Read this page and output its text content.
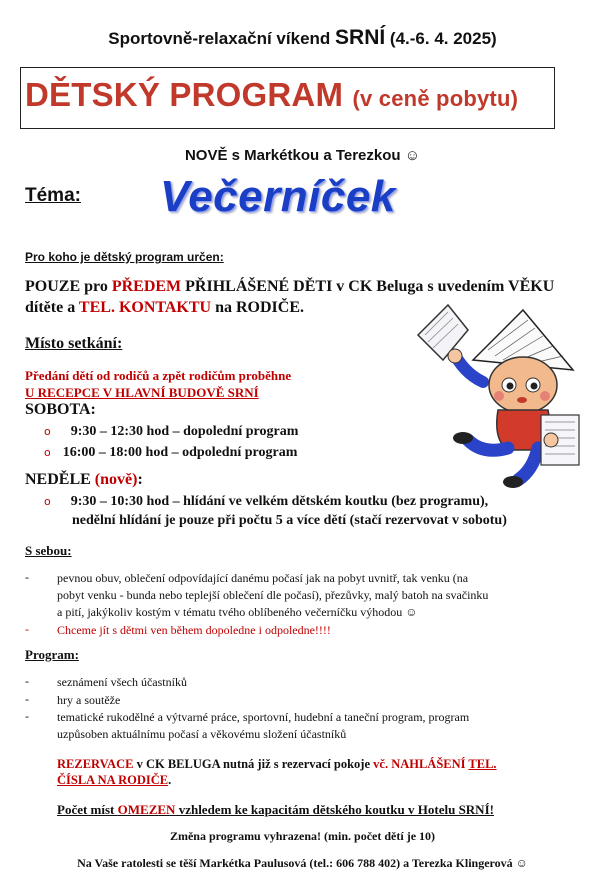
Sportovně-relaxační víkend SRNÍ (4.-6. 4. 2025)
DĚTSKÝ PROGRAM (v ceně pobytu)
NOVĚ s Markétkou a Terezkou ☺
Téma: Večerníček
Pro koho je dětský program určen:
POUZE pro PŘEDEM PŘIHLÁŠENÉ DĚTI v CK Beluga s uvedením VĚKU dítěte a TEL. KONTAKTU na RODIČE.
Místo setkání:
Předání dětí od rodičů a zpět rodičům proběhne
U RECEPCE V HLAVNÍ BUDOVĚ SRNÍ
SOBOTA:
o 9:30 – 12:30 hod – dopolední program
o 16:00 – 18:00 hod – odpolední program
NEDĚLE (nově):
o 9:30 – 10:30 hod – hlídání ve velkém dětském koutku (bez programu),
nedělní hlídání je pouze při počtu 5 a více dětí (stačí rezervovat v sobotu)
S sebou:
- pevnou obuv, oblečení odpovídající danému počasí jak na pobyt uvnitř, tak venku (na
pobyt venku - bunda nebo teplejší oblečení dle počasí), přezůvky, malý batoh na svačinku
a pití, jakýkoliv kostým v tématu tvého oblíbeného večerníčku výhodou ☺
- Chceme jít s dětmi ven během dopoledne i odpoledne!!!!
Program:
- seznámení všech účastníků
- hry a soutěže
- tematické rukodělné a výtvarné práce, sportovní, hudební a taneční program, program
uzpůsoben aktuálnímu počasí a věkovému složení účastníků
REZERVACE v CK BELUGA nutná již s rezervací pokoje vč. NAHLÁŠENÍ TEL.
ČÍSLA NA RODIČE.
Počet míst OMEZEN vzhledem ke kapacitám dětského koutku v Hotelu SRNÍ!
Změna programu vyhrazena! (min. počet dětí je 10)
Na Vaše ratolesti se těší Markétka Paulusová (tel.: 606 788 402) a Terezka Klingerová ☺
